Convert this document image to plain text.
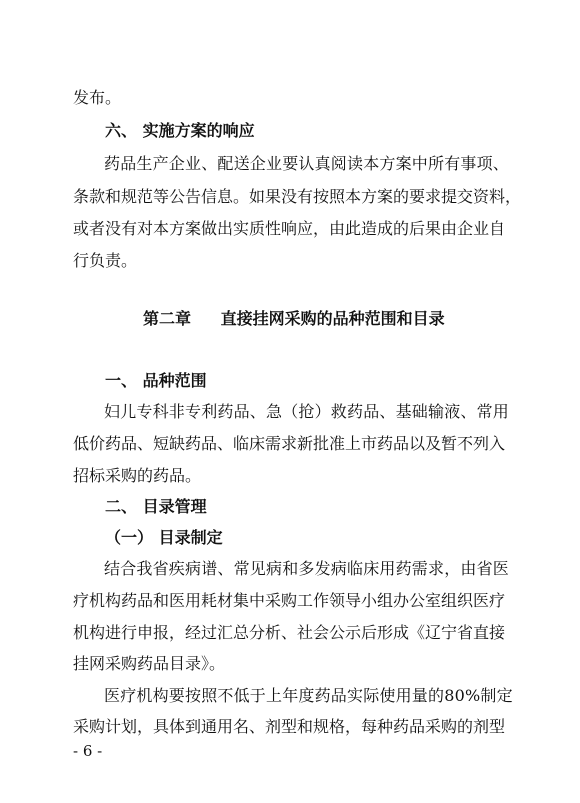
发布。

六、 实施方案的响应

药品生产企业、配送企业要认真阅读本方案中所有事项、

条款和规范等公告信息。如果没有按照本方案的要求提交资料，

或者没有对本方案做出实质性响应，由此造成的后果由企业自

行负责。

第二章 直接挂网采购的品种范围和目录

一、 品种范围

妇儿专科非专利药品、急（抢）救药品、基础输液、常用

低价药品、短缺药品、临床需求新批准上市药品以及暂不列入

招标采购的药品。

二、 目录管理

（一） 目录制定

结合我省疾病谱、常见病和多发病临床用药需求，由省医

疗机构药品和医用耗材集中采购工作领导小组办公室组织医疗

机构进行申报，经过汇总分析、社会公示后形成《辽宁省直接

挂网采购药品目录》。

医疗机构要按照不低于上年度药品实际使用量的80%制定

采购计划，具体到通用名、剂型和规格，每种药品采购的剂型

- 6 -
